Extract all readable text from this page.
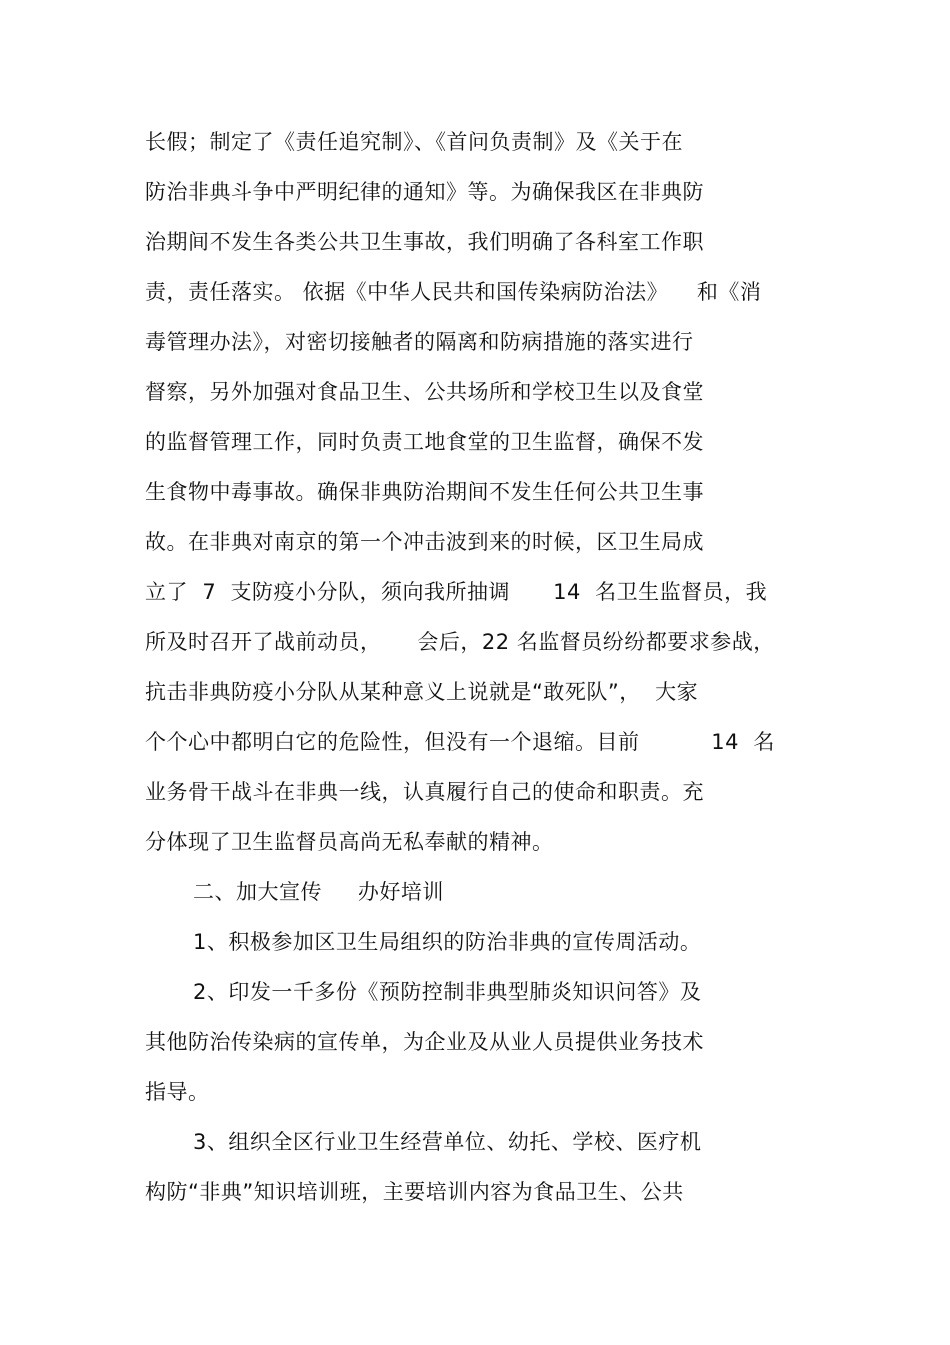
长假；制定了《责任追究制》、《首问负责制》及《关于在
防治非典斗争中严明纪律的通知》等。为确保我区在非典防
治期间不发生各类公共卫生事故，我们明确了各科室工作职
责，责任落实。 依据《中华人民共和国传染病防治法》    和《消
毒管理办法》，对密切接触者的隔离和防病措施的落实进行
督察，另外加强对食品卫生、公共场所和学校卫生以及食堂
的监督管理工作，同时负责工地食堂的卫生监督，确保不发
生食物中毒事故。确保非典防治期间不发生任何公共卫生事
故。在非典对南京的第一个冲击波到来的时候，区卫生局成
立了  7  支防疫小分队，须向我所抽调      14  名卫生监督员，我
所及时召开了战前动员，     会后，22 名监督员纷纷都要求参战，
抗击非典防疫小分队从某种意义上说就是“敢死队”，  大家
个个心中都明白它的危险性，但没有一个退缩。目前          14  名
业务骨干战斗在非典一线，认真履行自己的使命和职责。充
分体现了卫生监督员高尚无私奉献的精神。
二、加大宣传     办好培训
1、积极参加区卫生局组织的防治非典的宣传周活动。
2、印发一千多份《预防控制非典型肺炎知识问答》及
其他防治传染病的宣传单，为企业及从业人员提供业务技术
指导。
3、组织全区行业卫生经营单位、幼托、学校、医疗机
构防“非典”知识培训班，主要培训内容为食品卫生、公共
